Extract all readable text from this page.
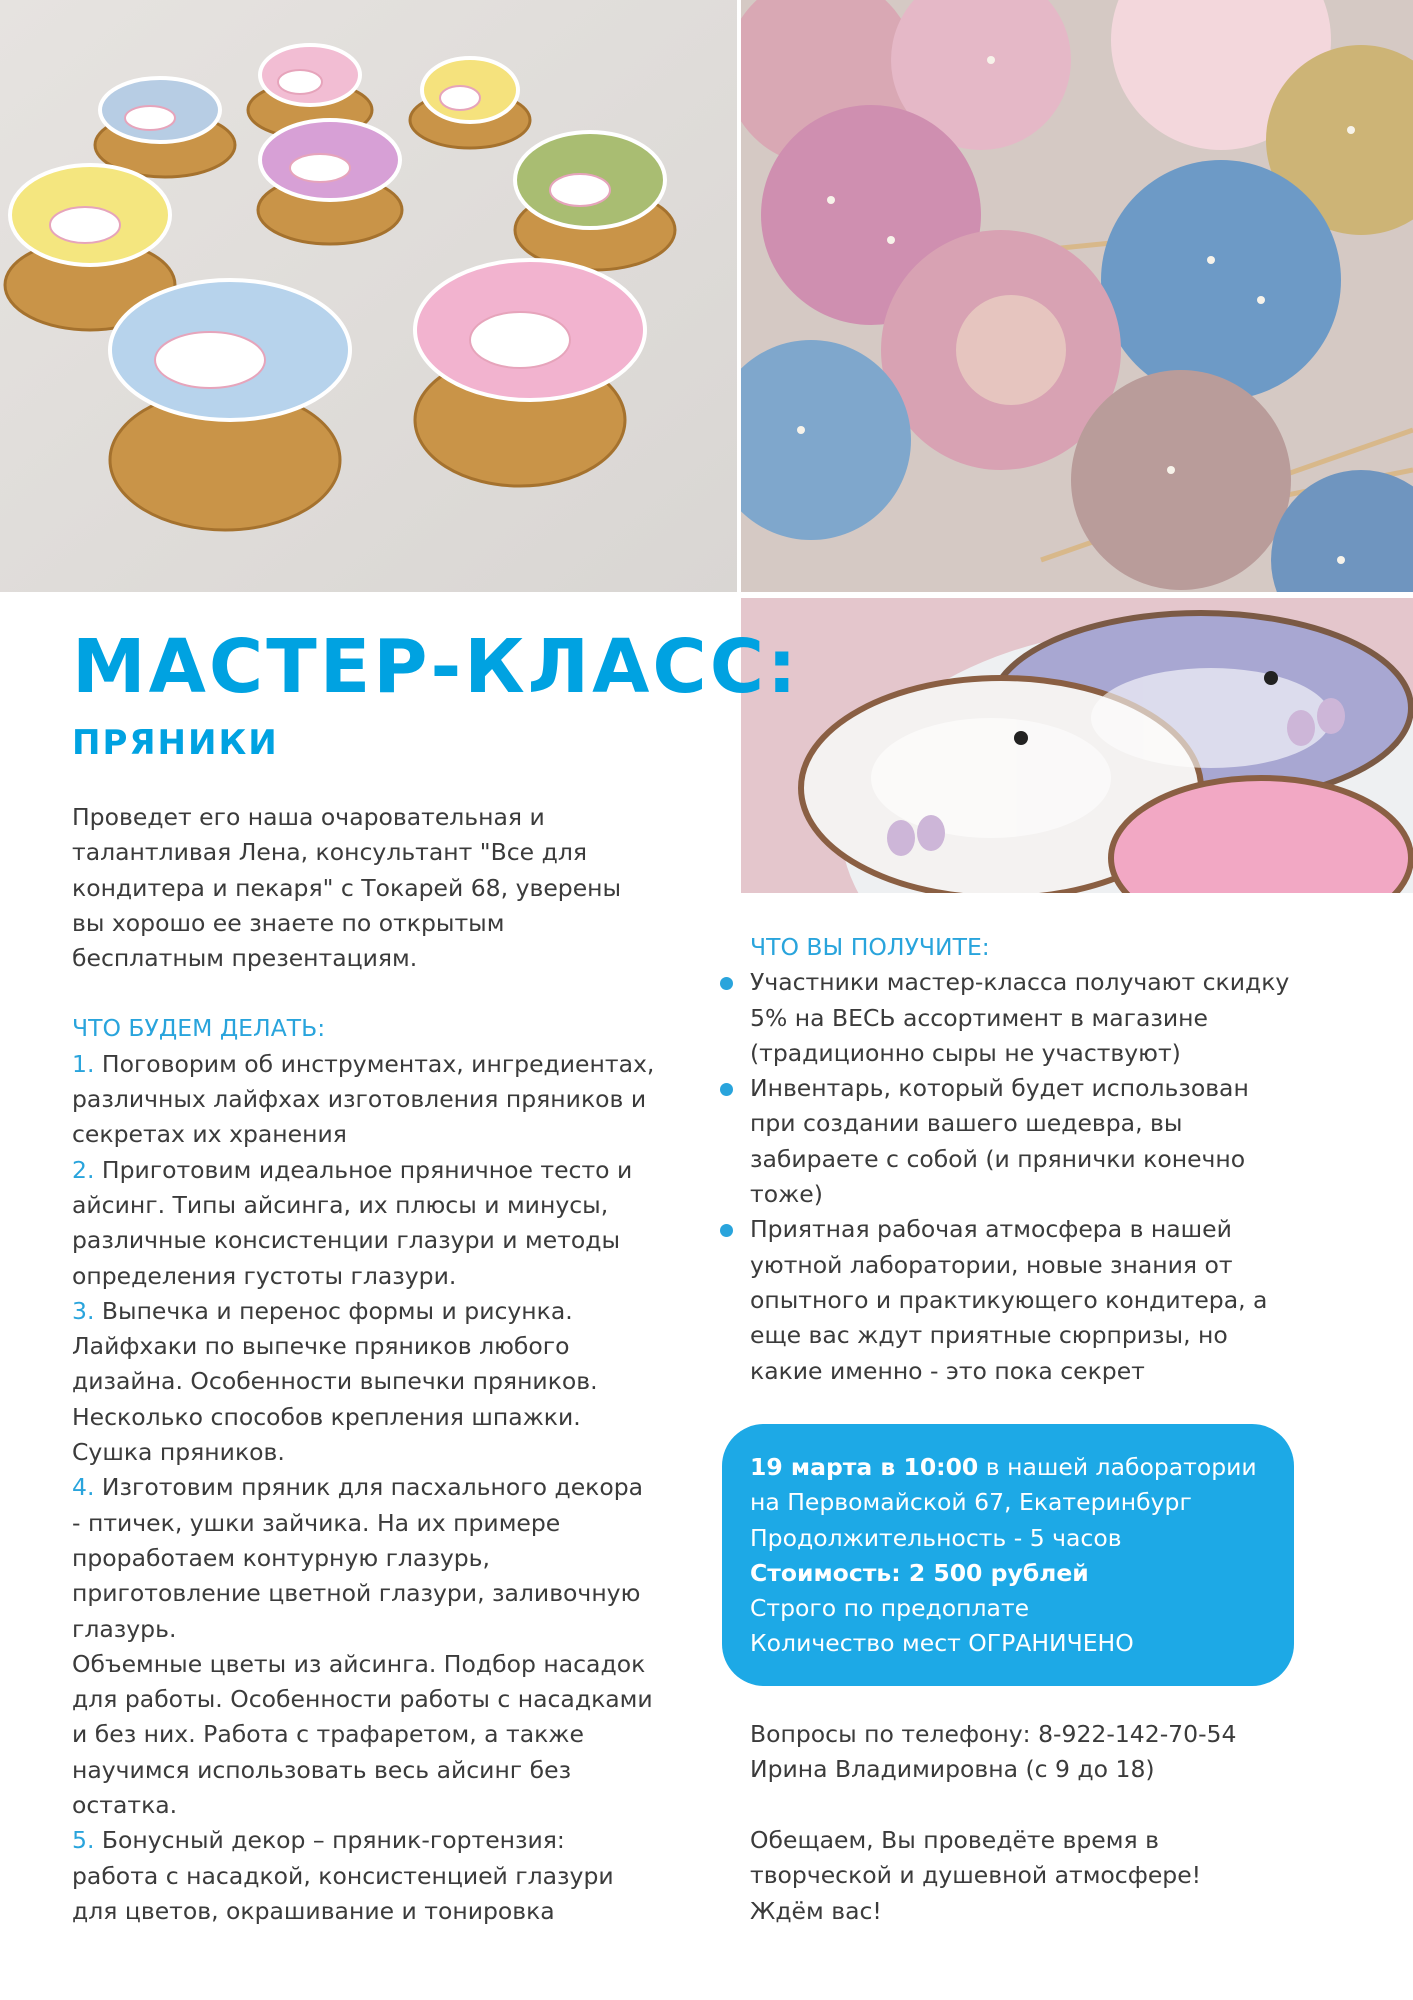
МАСТЕР-КЛАСС:
ПРЯНИКИ

Проведет его наша очаровательная и

талантливая Лена, консультант "Все для

кондитера и пекаря" с Токарей 68, уверены

вы хорошо ее знаете по открытым

бесплатным презентациям.

ЧТО БУДЕМ ДЕЛАТЬ:

1. Поговорим об инструментах, ингредиентах,

различных лайфхах изготовления пряников и

секретах их хранения

2. Приготовим идеальное пряничное тесто и

айсинг. Типы айсинга, их плюсы и минусы,

различные консистенции глазури и методы

определения густоты глазури.

3. Выпечка и перенос формы и рисунка.

Лайфхаки по выпечке пряников любого

дизайна. Особенности выпечки пряников.

Несколько способов крепления шпажки.

Сушка пряников.

4. Изготовим пряник для пасхального декора

- птичек, ушки зайчика. На их примере

проработаем контурную глазурь,

приготовление цветной глазури, заливочную

глазурь.

Объемные цветы из айсинга. Подбор насадок

для работы. Особенности работы с насадками

и без них. Работа с трафаретом, а также

научимся использовать весь айсинг без

остатка.

5. Бонусный декор – пряник-гортензия:

работа с насадкой, консистенцией глазури

для цветов, окрашивание и тонировка

ЧТО ВЫ ПОЛУЧИТЕ:

Участники мастер-класса получают скидку

5% на ВЕСЬ ассортимент в магазине

(традиционно сыры не участвуют)

Инвентарь, который будет использован

при создании вашего шедевра, вы

забираете с собой (и прянички конечно

тоже)

Приятная рабочая атмосфера в нашей

уютной лаборатории, новые знания от

опытного и практикующего кондитера, а

еще вас ждут приятные сюрпризы, но

какие именно - это пока секрет

19 марта в 10:00 в нашей лаборатории

на Первомайской 67, Екатеринбург

Продолжительность - 5 часов

Стоимость: 2 500 рублей

Строго по предоплате

Количество мест ОГРАНИЧЕНО

Вопросы по телефону: 8-922-142-70-54

Ирина Владимировна (с 9 до 18)

Обещаем, Вы проведёте время в

творческой и душевной атмосфере!

Ждём вас!
